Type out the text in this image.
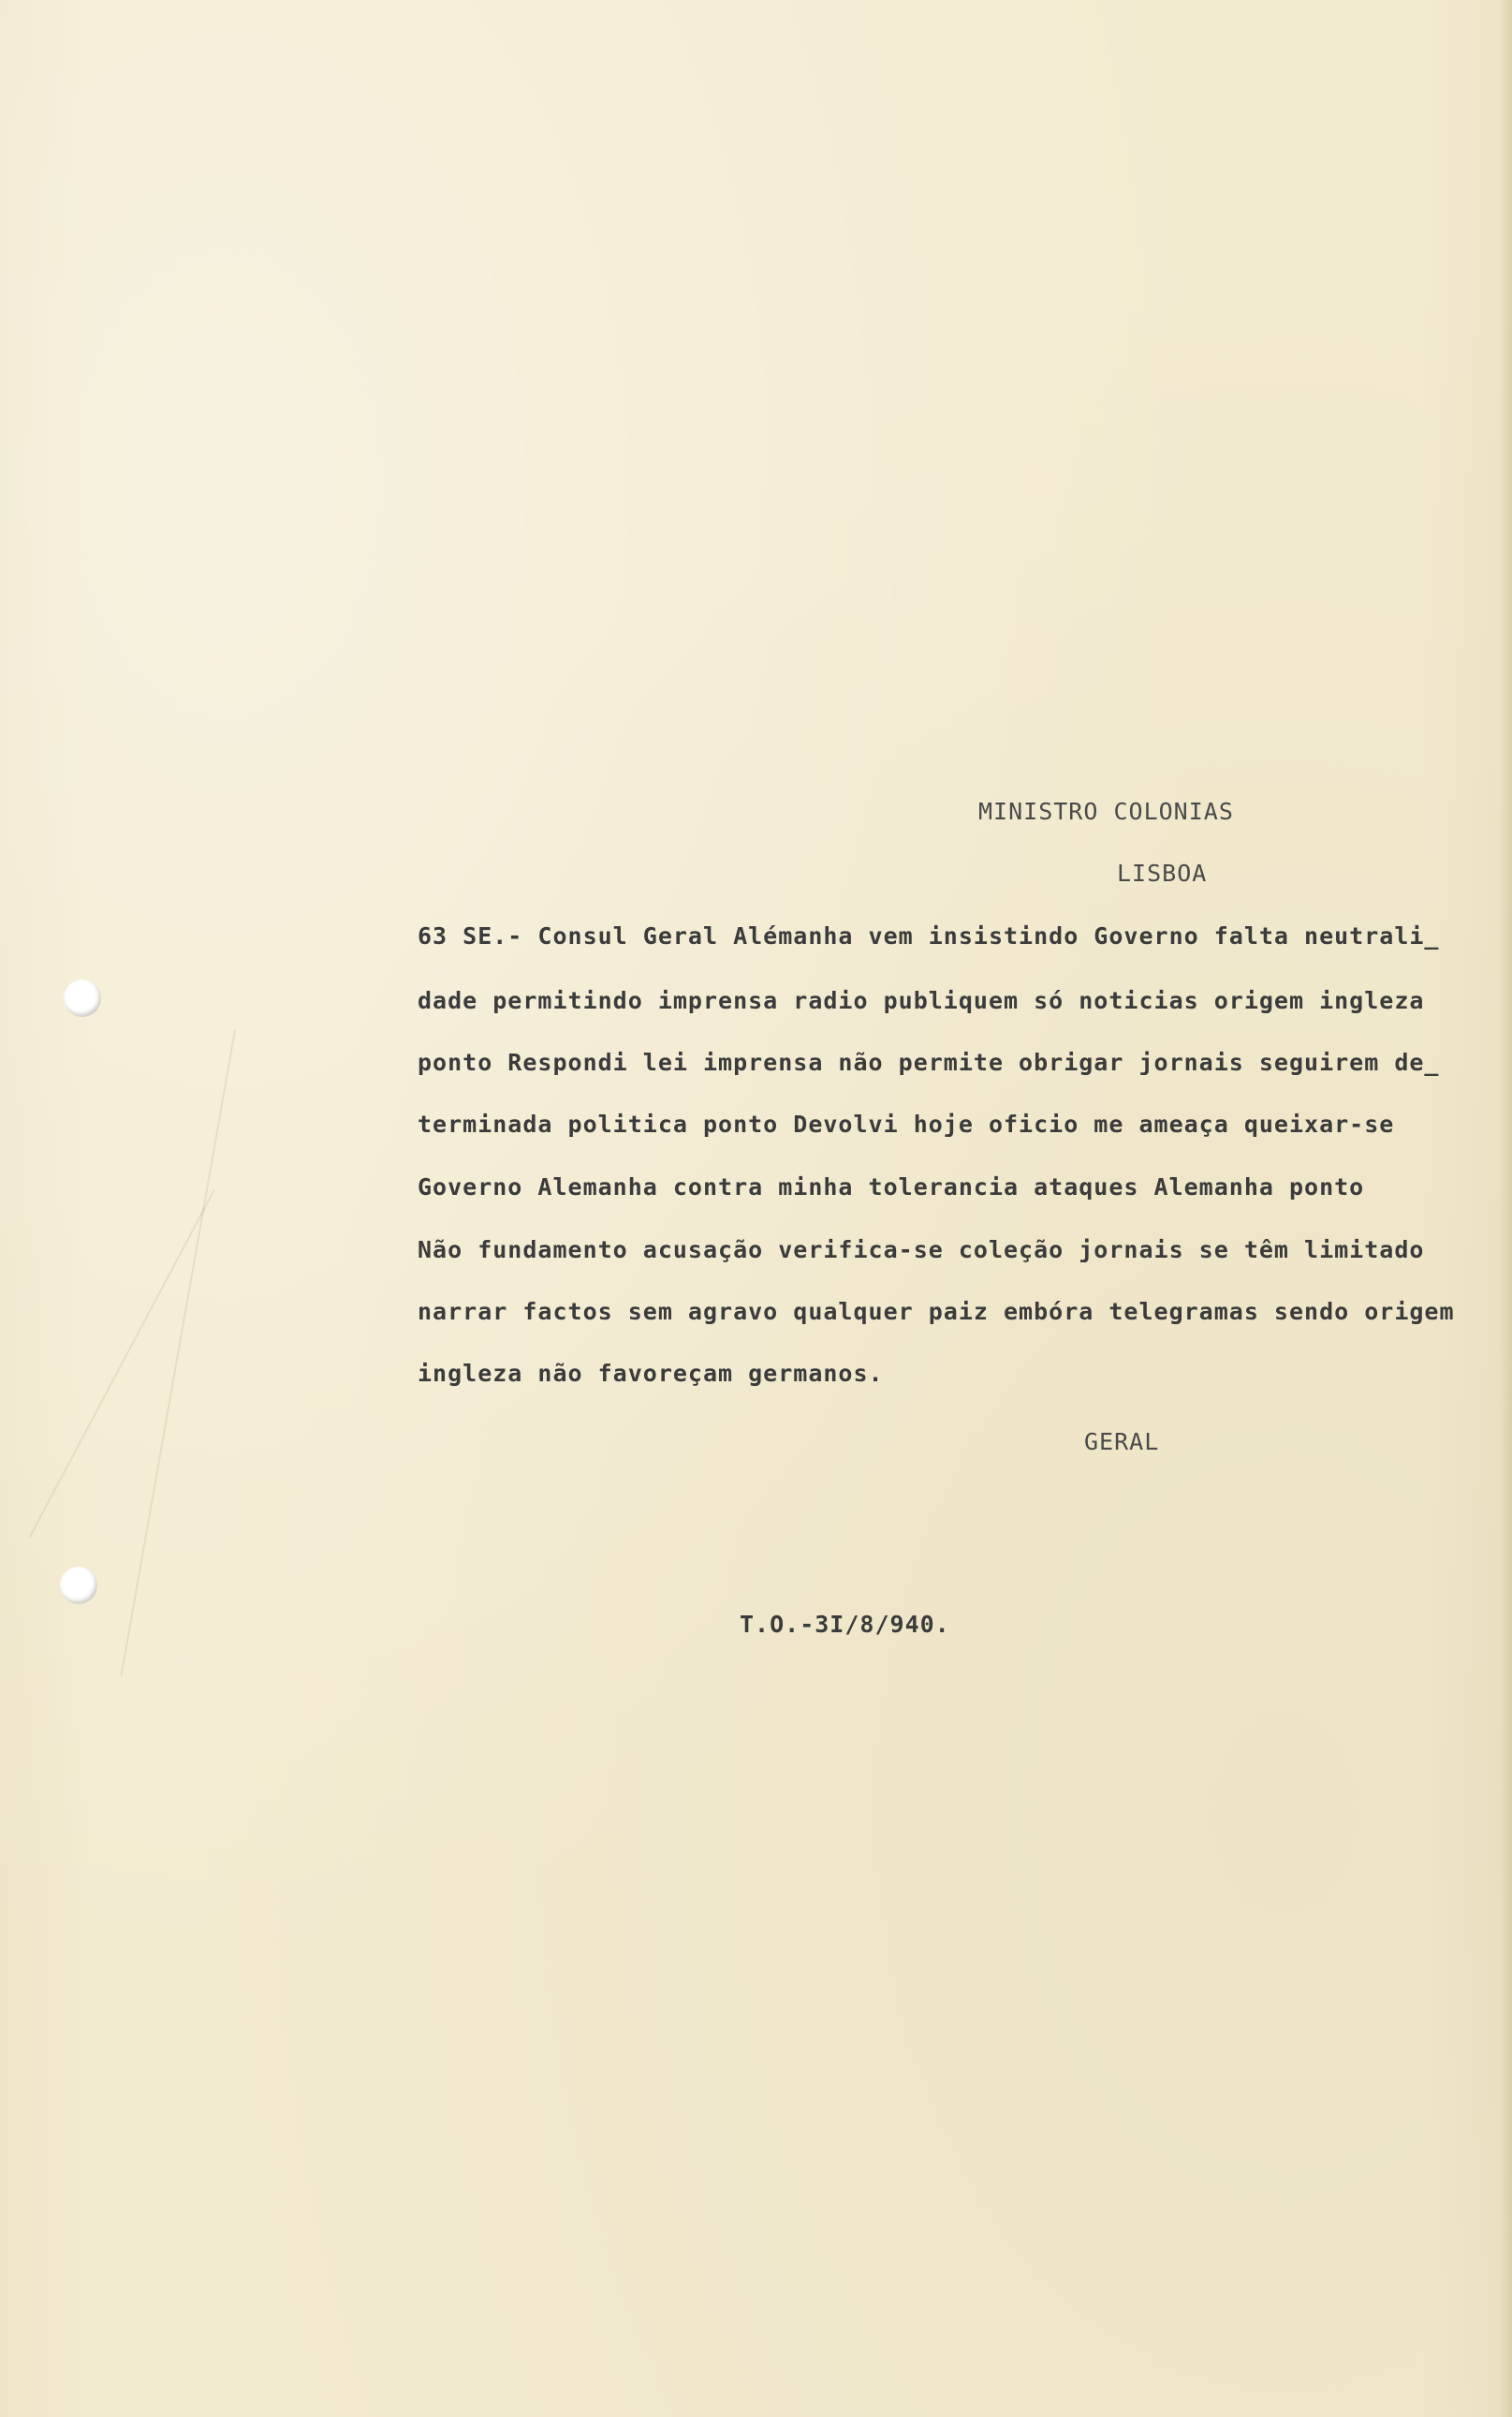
MINISTRO COLONIAS
LISBOA
63 SE.- Consul Geral Alémanha vem insistindo Governo falta neutrali_
dade permitindo imprensa radio publiquem só noticias origem ingleza
ponto Respondi lei imprensa não permite obrigar jornais seguirem de_
terminada politica ponto Devolvi hoje oficio me ameaça queixar-se
Governo Alemanha contra minha tolerancia ataques Alemanha ponto
Não fundamento acusação verifica-se coleção jornais se têm limitado
narrar factos sem agravo qualquer paiz embóra telegramas sendo origem
ingleza não favoreçam germanos.
GERAL
T.O.-3I/8/940.
